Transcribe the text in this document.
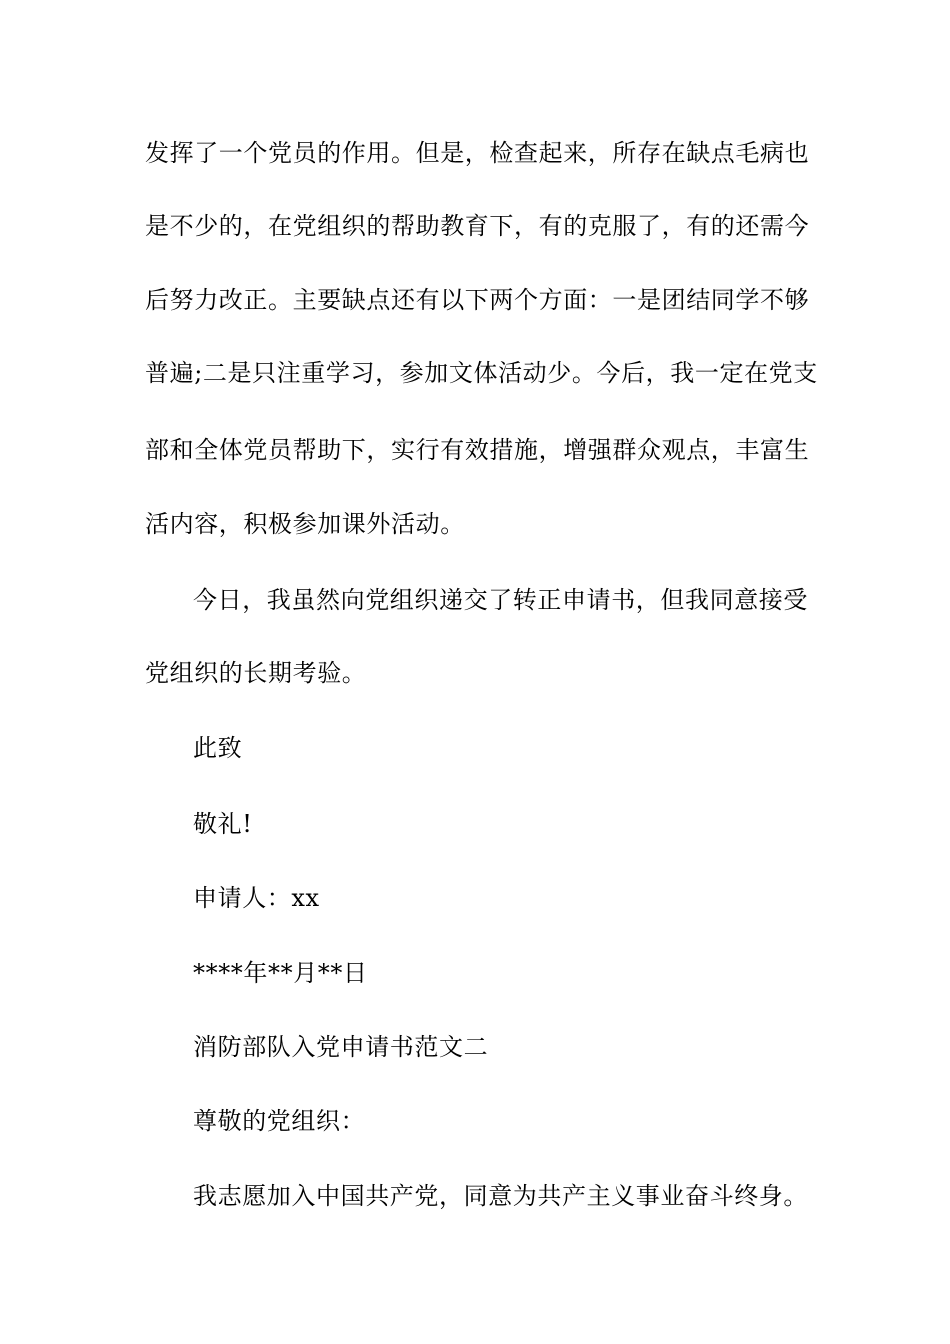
发挥了一个党员的作用。但是，检查起来，所存在缺点毛病也
是不少的，在党组织的帮助教育下，有的克服了，有的还需今
后努力改正。主要缺点还有以下两个方面：一是团结同学不够
普遍;二是只注重学习，参加文体活动少。今后，我一定在党支
部和全体党员帮助下，实行有效措施，增强群众观点，丰富生
活内容，积极参加课外活动。
今日，我虽然向党组织递交了转正申请书，但我同意接受
党组织的长期考验。
此致
敬礼!
申请人：xx
****年**月**日
消防部队入党申请书范文二
尊敬的党组织：
我志愿加入中国共产党，同意为共产主义事业奋斗终身。
